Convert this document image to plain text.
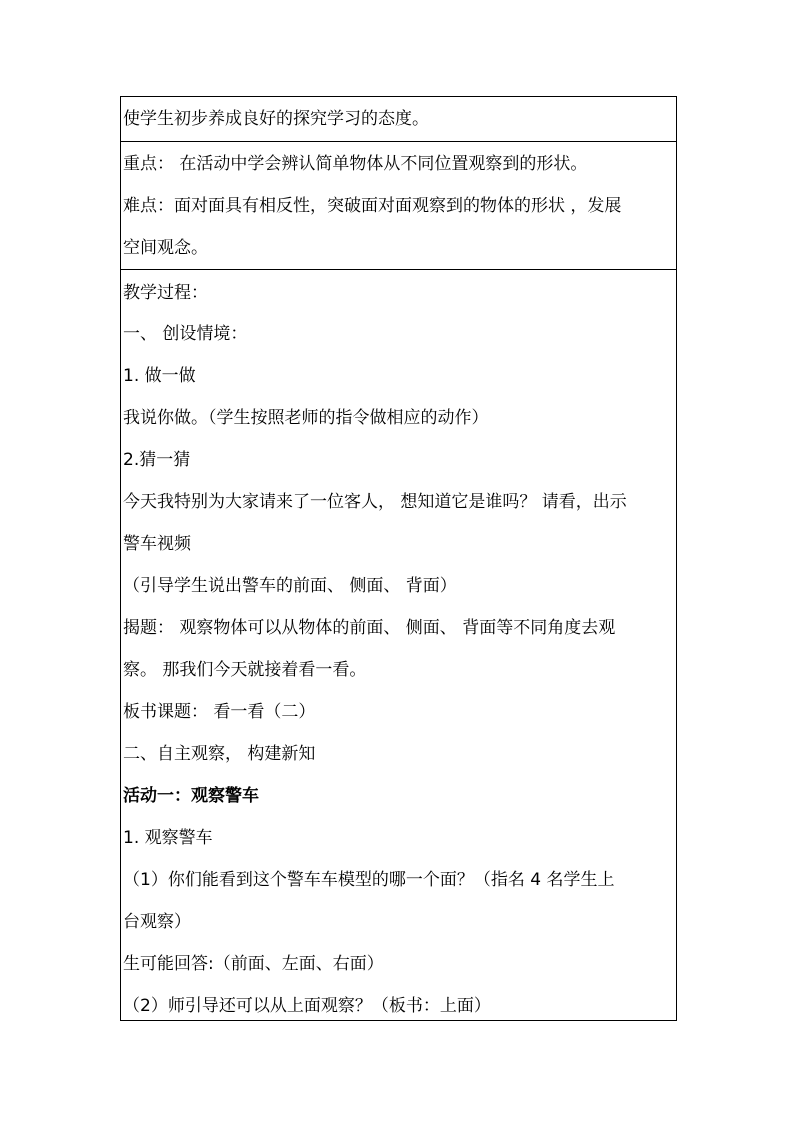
使学生初步养成良好的探究学习的态度。

重点： 在活动中学会辨认简单物体从不同位置观察到的形状。
难点：面对面具有相反性，突破面对面观察到的物体的形状 ，发展
空间观念。

教学过程：
一、 创设情境：
1. 做一做
我说你做。（学生按照老师的指令做相应的动作）
2.猜一猜
今天我特别为大家请来了一位客人， 想知道它是谁吗？ 请看，出示
警车视频
（引导学生说出警车的前面、 侧面、 背面）
揭题： 观察物体可以从物体的前面、 侧面、 背面等不同角度去观
察。 那我们今天就接着看一看。
板书课题： 看一看（二）
二、自主观察， 构建新知
活动一：观察警车
1. 观察警车
（1）你们能看到这个警车车模型的哪一个面？（指名 4 名学生上
台观察）
生可能回答:（前面、左面、右面）
（2）师引导还可以从上面观察？（板书：上面）
